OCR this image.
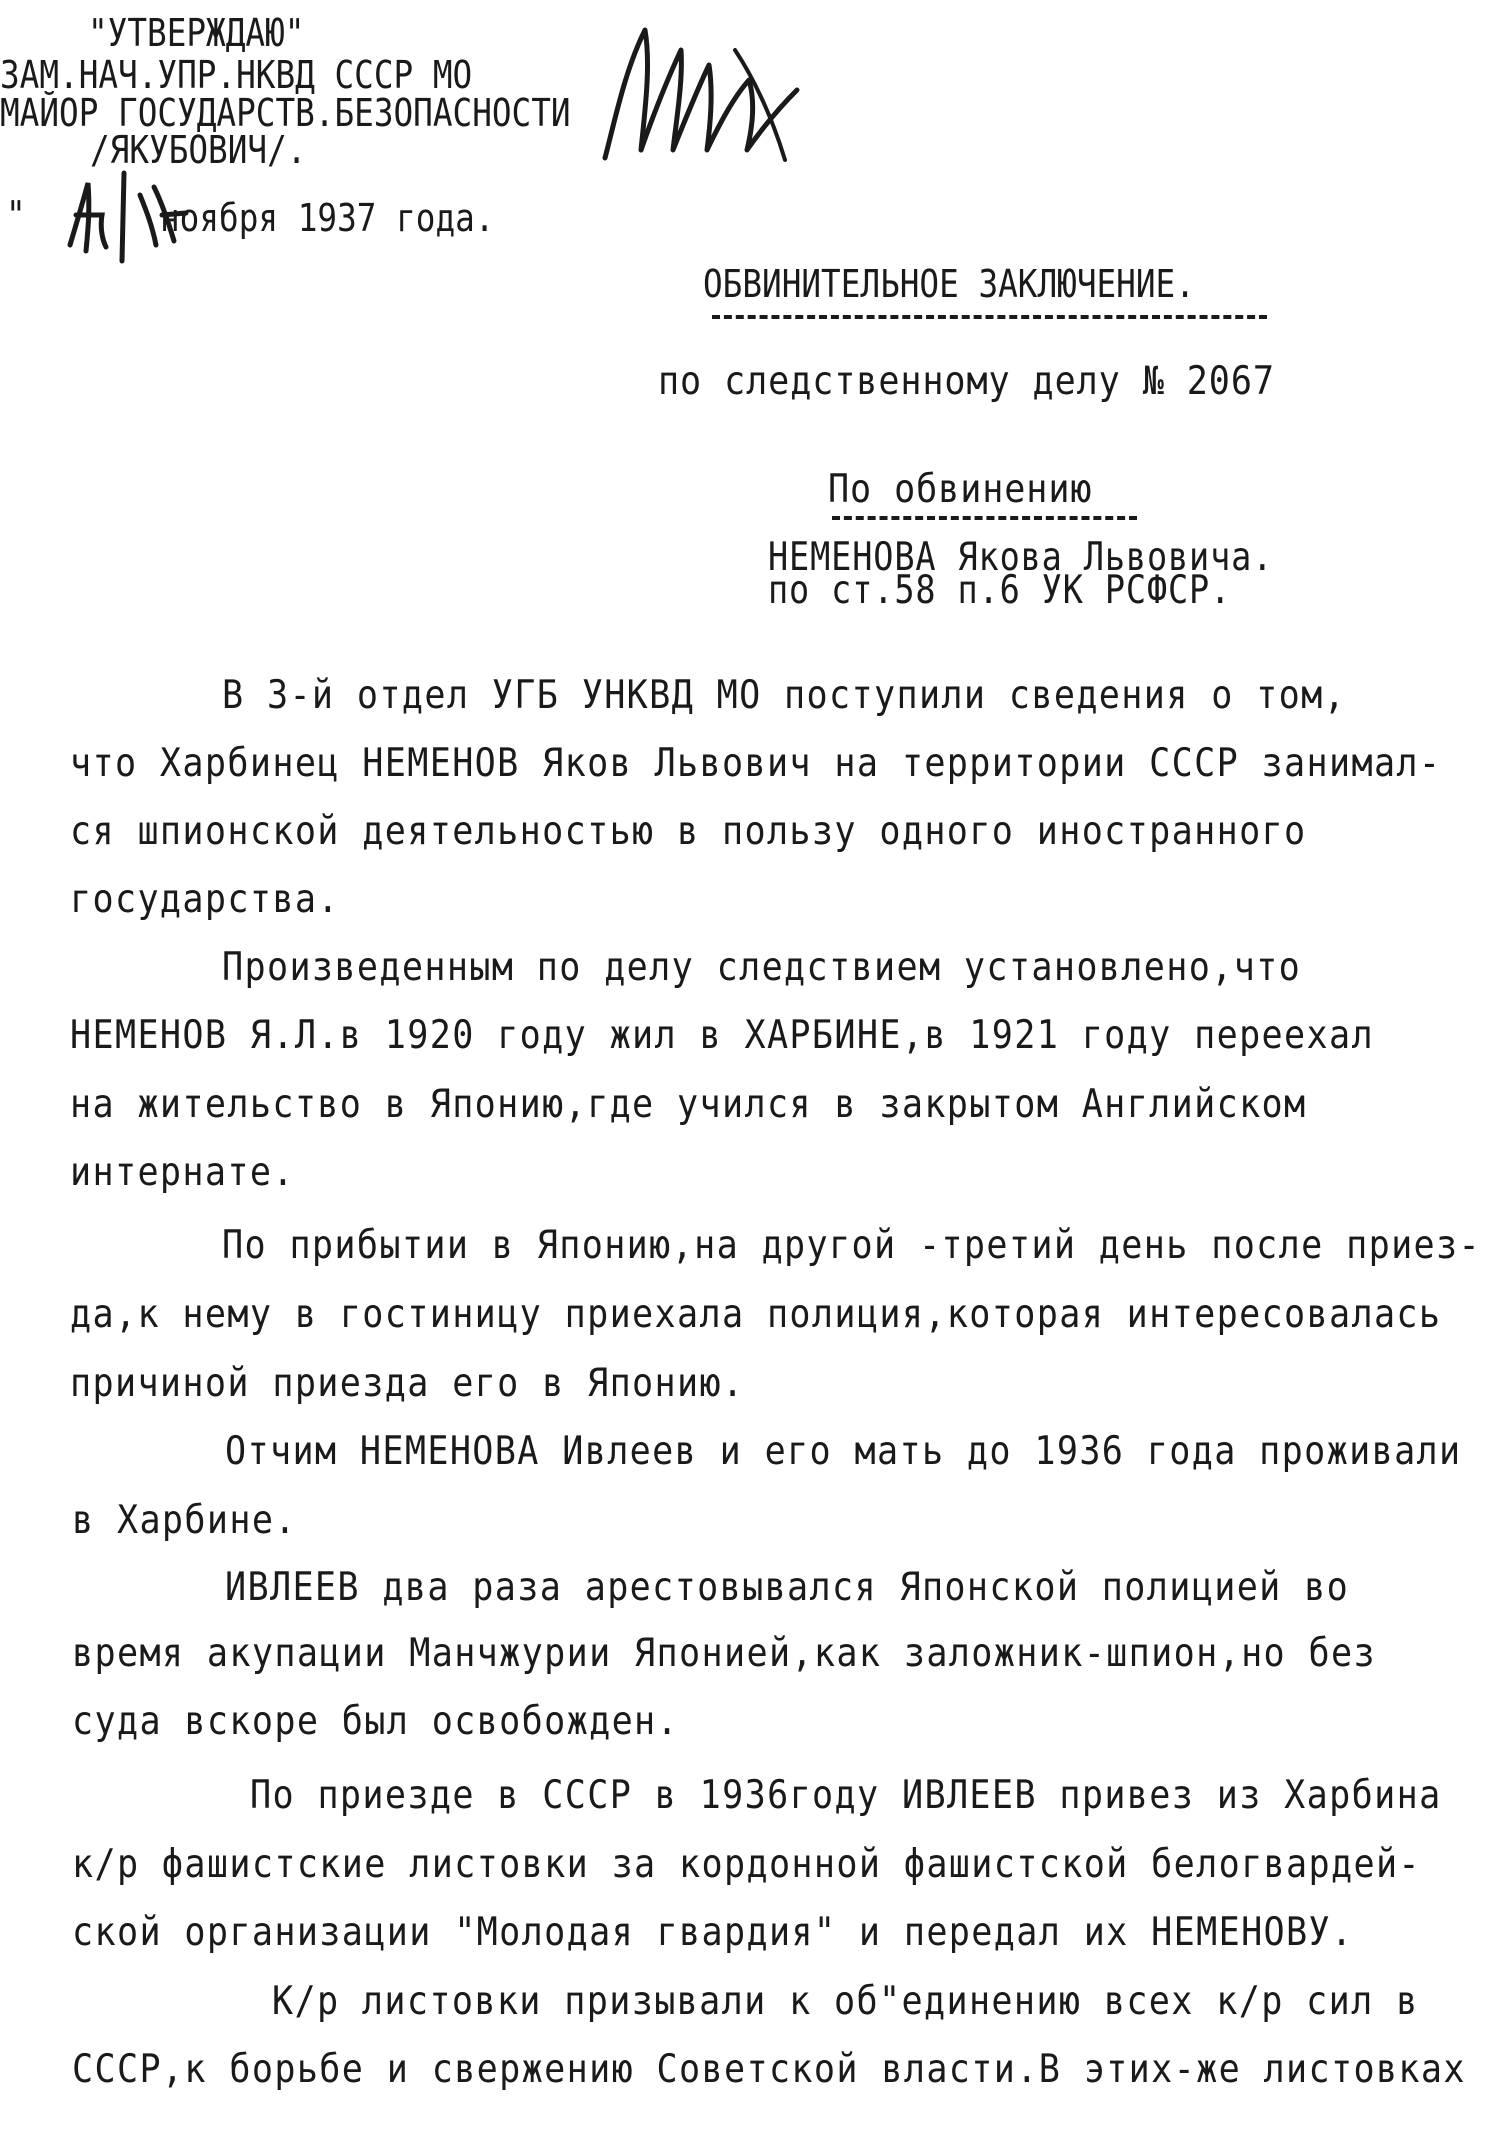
"УТВЕРЖДАЮ"
ЗАМ.НАЧ.УПР.НКВД СССР МО
МАЙОР ГОСУДАРСТВ.БЕЗОПАСНОСТИ
/ЯКУБОВИЧ/.
"	ноября 1937 года.
ОБВИНИТЕЛЬНОЕ ЗАКЛЮЧЕНИЕ.
по следственному делу № 2067
По обвинению
НЕМЕНОВА Якова Львовича.
по ст.58 п.6 УК РСФСР.
В 3-й отдел УГБ УНКВД МО поступили сведения о том,
что Харбинец НЕМЕНОВ Яков Львович на территории СССР занимал-
ся шпионской деятельностью в пользу одного иностранного
государства.
Произведенным по делу следствием установлено,что
НЕМЕНОВ Я.Л.в 1920 году жил в ХАРБИНЕ,в 1921 году переехал
на жительство в Японию,где учился в закрытом Английском
интернате.
По прибытии в Японию,на другой -третий день после приез-
да,к нему в гостиницу приехала полиция,которая интересовалась
причиной приезда его в Японию.
Отчим НЕМЕНОВА Ивлеев и его мать до 1936 года проживали
в Харбине.
ИВЛЕЕВ два раза арестовывался Японской полицией во
время акупации Манчжурии Японией,как заложник-шпион,но без
суда вскоре был освобожден.
По приезде в СССР в 1936году ИВЛЕЕВ привез из Харбина
к/р фашистские листовки за кордонной фашистской белогвардей-
ской организации "Молодая гвардия" и передал их НЕМЕНОВУ.
К/р листовки призывали к об"единению всех к/р сил в
СССР,к борьбе и свержению Советской власти.В этих-же листовках
